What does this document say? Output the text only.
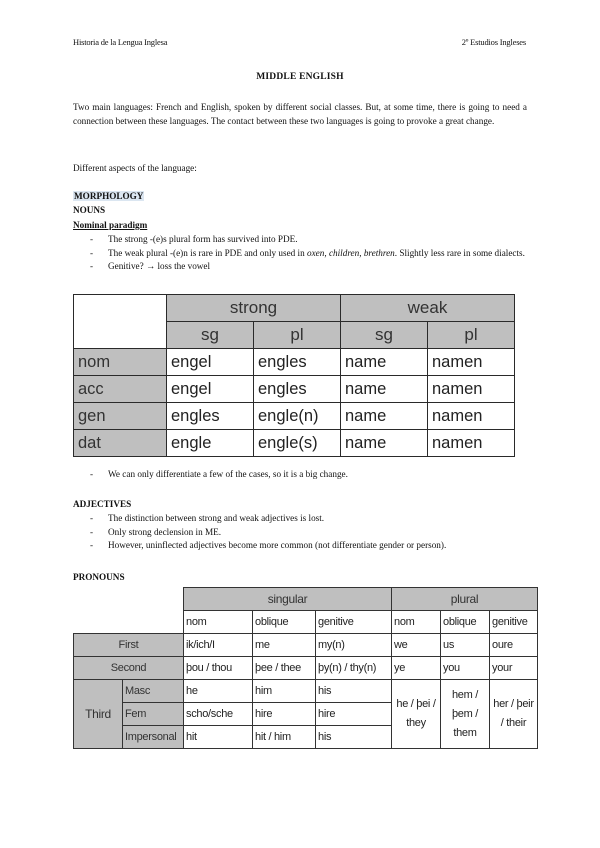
Historia de la Lengua Inglesa	2º Estudios Ingleses
MIDDLE ENGLISH
Two main languages: French and English, spoken by different social classes. But, at some time, there is going to need a connection between these languages. The contact between these two languages is going to provoke a great change.
Different aspects of the language:
MORPHOLOGY
NOUNS
Nominal paradigm
- The strong -(e)s plural form has survived into PDE.
- The weak plural -(e)n is rare in PDE and only used in oxen, children, brethren. Slightly less rare in some dialects.
- Genitive? → loss the vowel
	strong		weak	
	sg	pl	sg	pl
nom	engel	engles	name	namen
acc	engel	engles	name	namen
gen	engles	engle(n)	name	namen
dat	engle	engle(s)	name	namen
- We can only differentiate a few of the cases, so it is a big change.
ADJECTIVES
- The distinction between strong and weak adjectives is lost.
- Only strong declension in ME.
- However, uninflected adjectives become more common (not differentiate gender or person).
PRONOUNS
		singular			plural		
		nom	oblique	genitive	nom	oblique	genitive
First		ik/ich/I	me	my(n)	we	us	oure
Second		þou / thou	þee / thee	þy(n) / thy(n)	ye	you	your
Third	Masc	he	him	his	he / þei / they	hem / þem / them	her / þeir / their
	Fem	scho/sche	hire	hire			
	Impersonal	hit	hit / him	his			
